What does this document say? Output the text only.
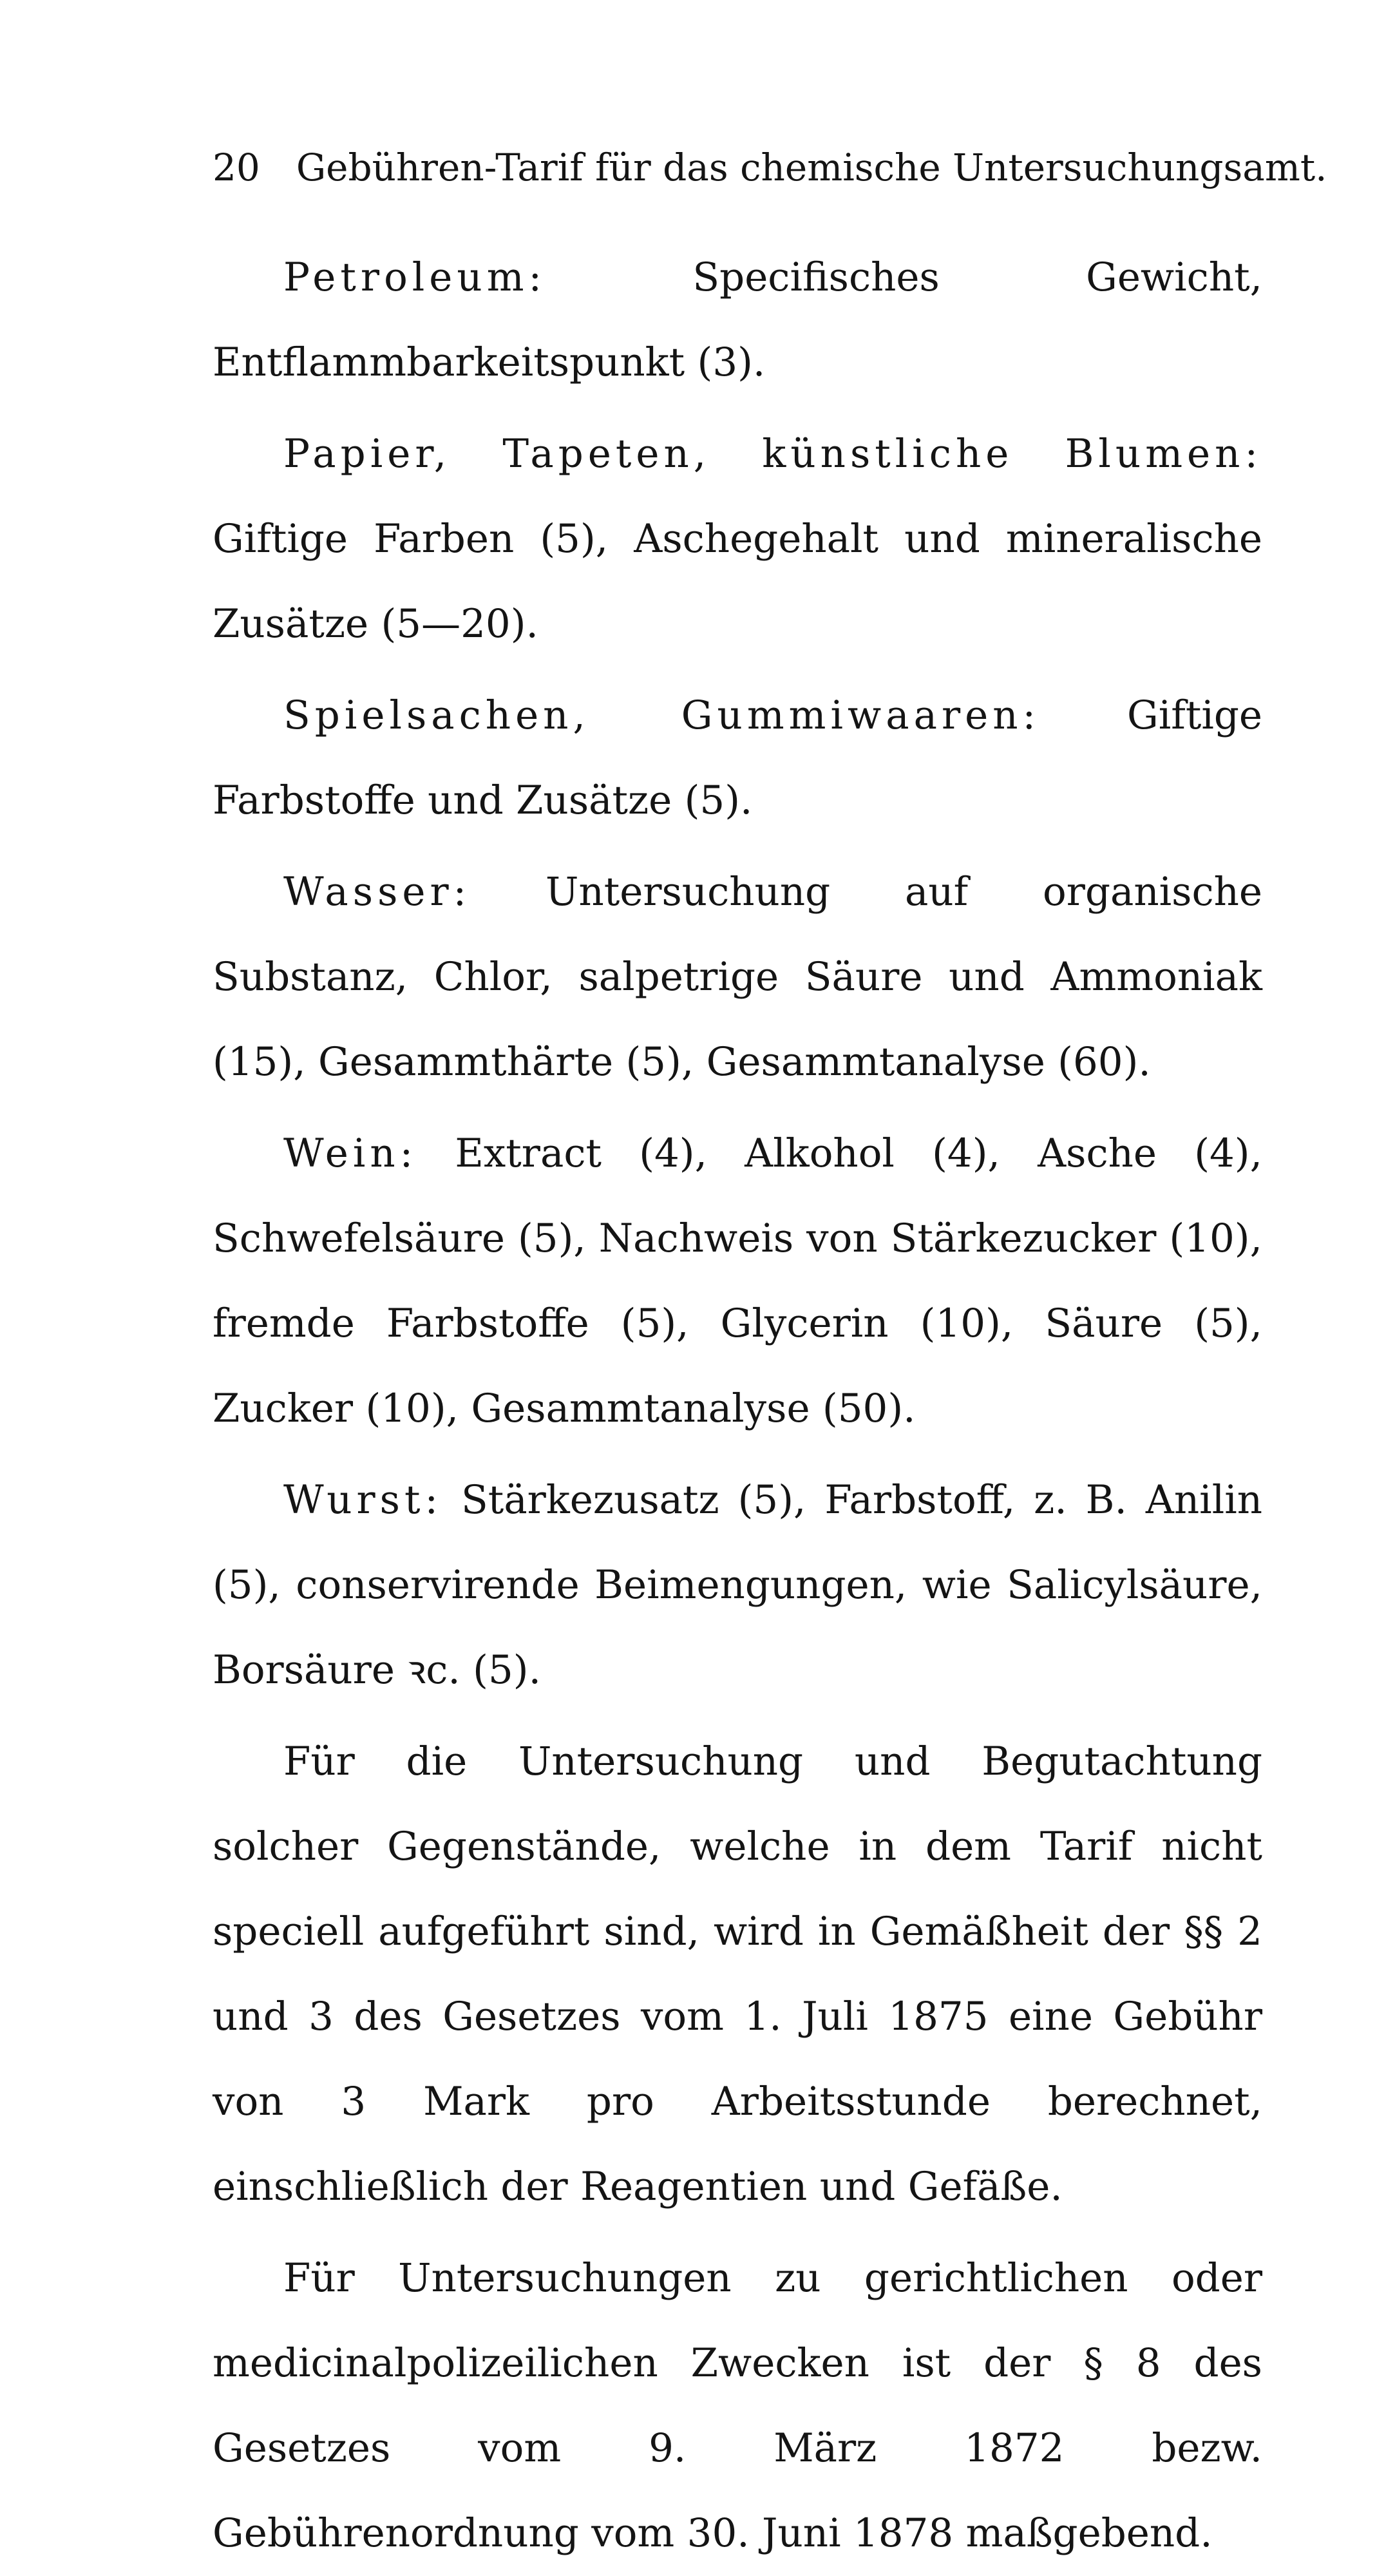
20 Gebühren-Tarif für das chemische Untersuchungsamt.

Petroleum:	Specifisches Gewicht, Entflammbarkeitspunkt (3).

Papier, Tapeten, künstliche Blumen: Giftige Farben (5), Aschegehalt und mineralische Zusätze (5—20).

Spielsachen, Gummiwaaren: Giftige Farbstoffe und Zusätze (5).

Wasser: Untersuchung auf organische Substanz, Chlor, salpetrige Säure und Ammoniak (15), Gesammthärte (5), Gesammtanalyse (60).

Wein: Extract (4), Alkohol (4), Asche (4), Schwefelsäure (5), Nachweis von Stärkezucker (10), fremde Farbstoffe (5), Glycerin (10), Säure (5), Zucker (10), Gesammtanalyse (50).

Wurst: Stärkezusatz (5), Farbstoff, z. B. Anilin (5), conservirende Beimengungen, wie Salicylsäure, Borsäure ꝛc. (5).

Für die Untersuchung und Begutachtung solcher Gegenstände, welche in dem Tarif nicht speciell aufgeführt sind, wird in Gemäßheit der §§ 2 und 3 des Gesetzes vom 1. Juli 1875 eine Gebühr von 3 Mark pro Arbeitsstunde berechnet, einschließlich der Reagentien und Gefäße.

Für Untersuchungen zu gerichtlichen oder medicinalpolizeilichen Zwecken ist der § 8 des Gesetzes vom 9. März 1872 bezw. Gebührenordnung vom 30. Juni 1878 maßgebend.
